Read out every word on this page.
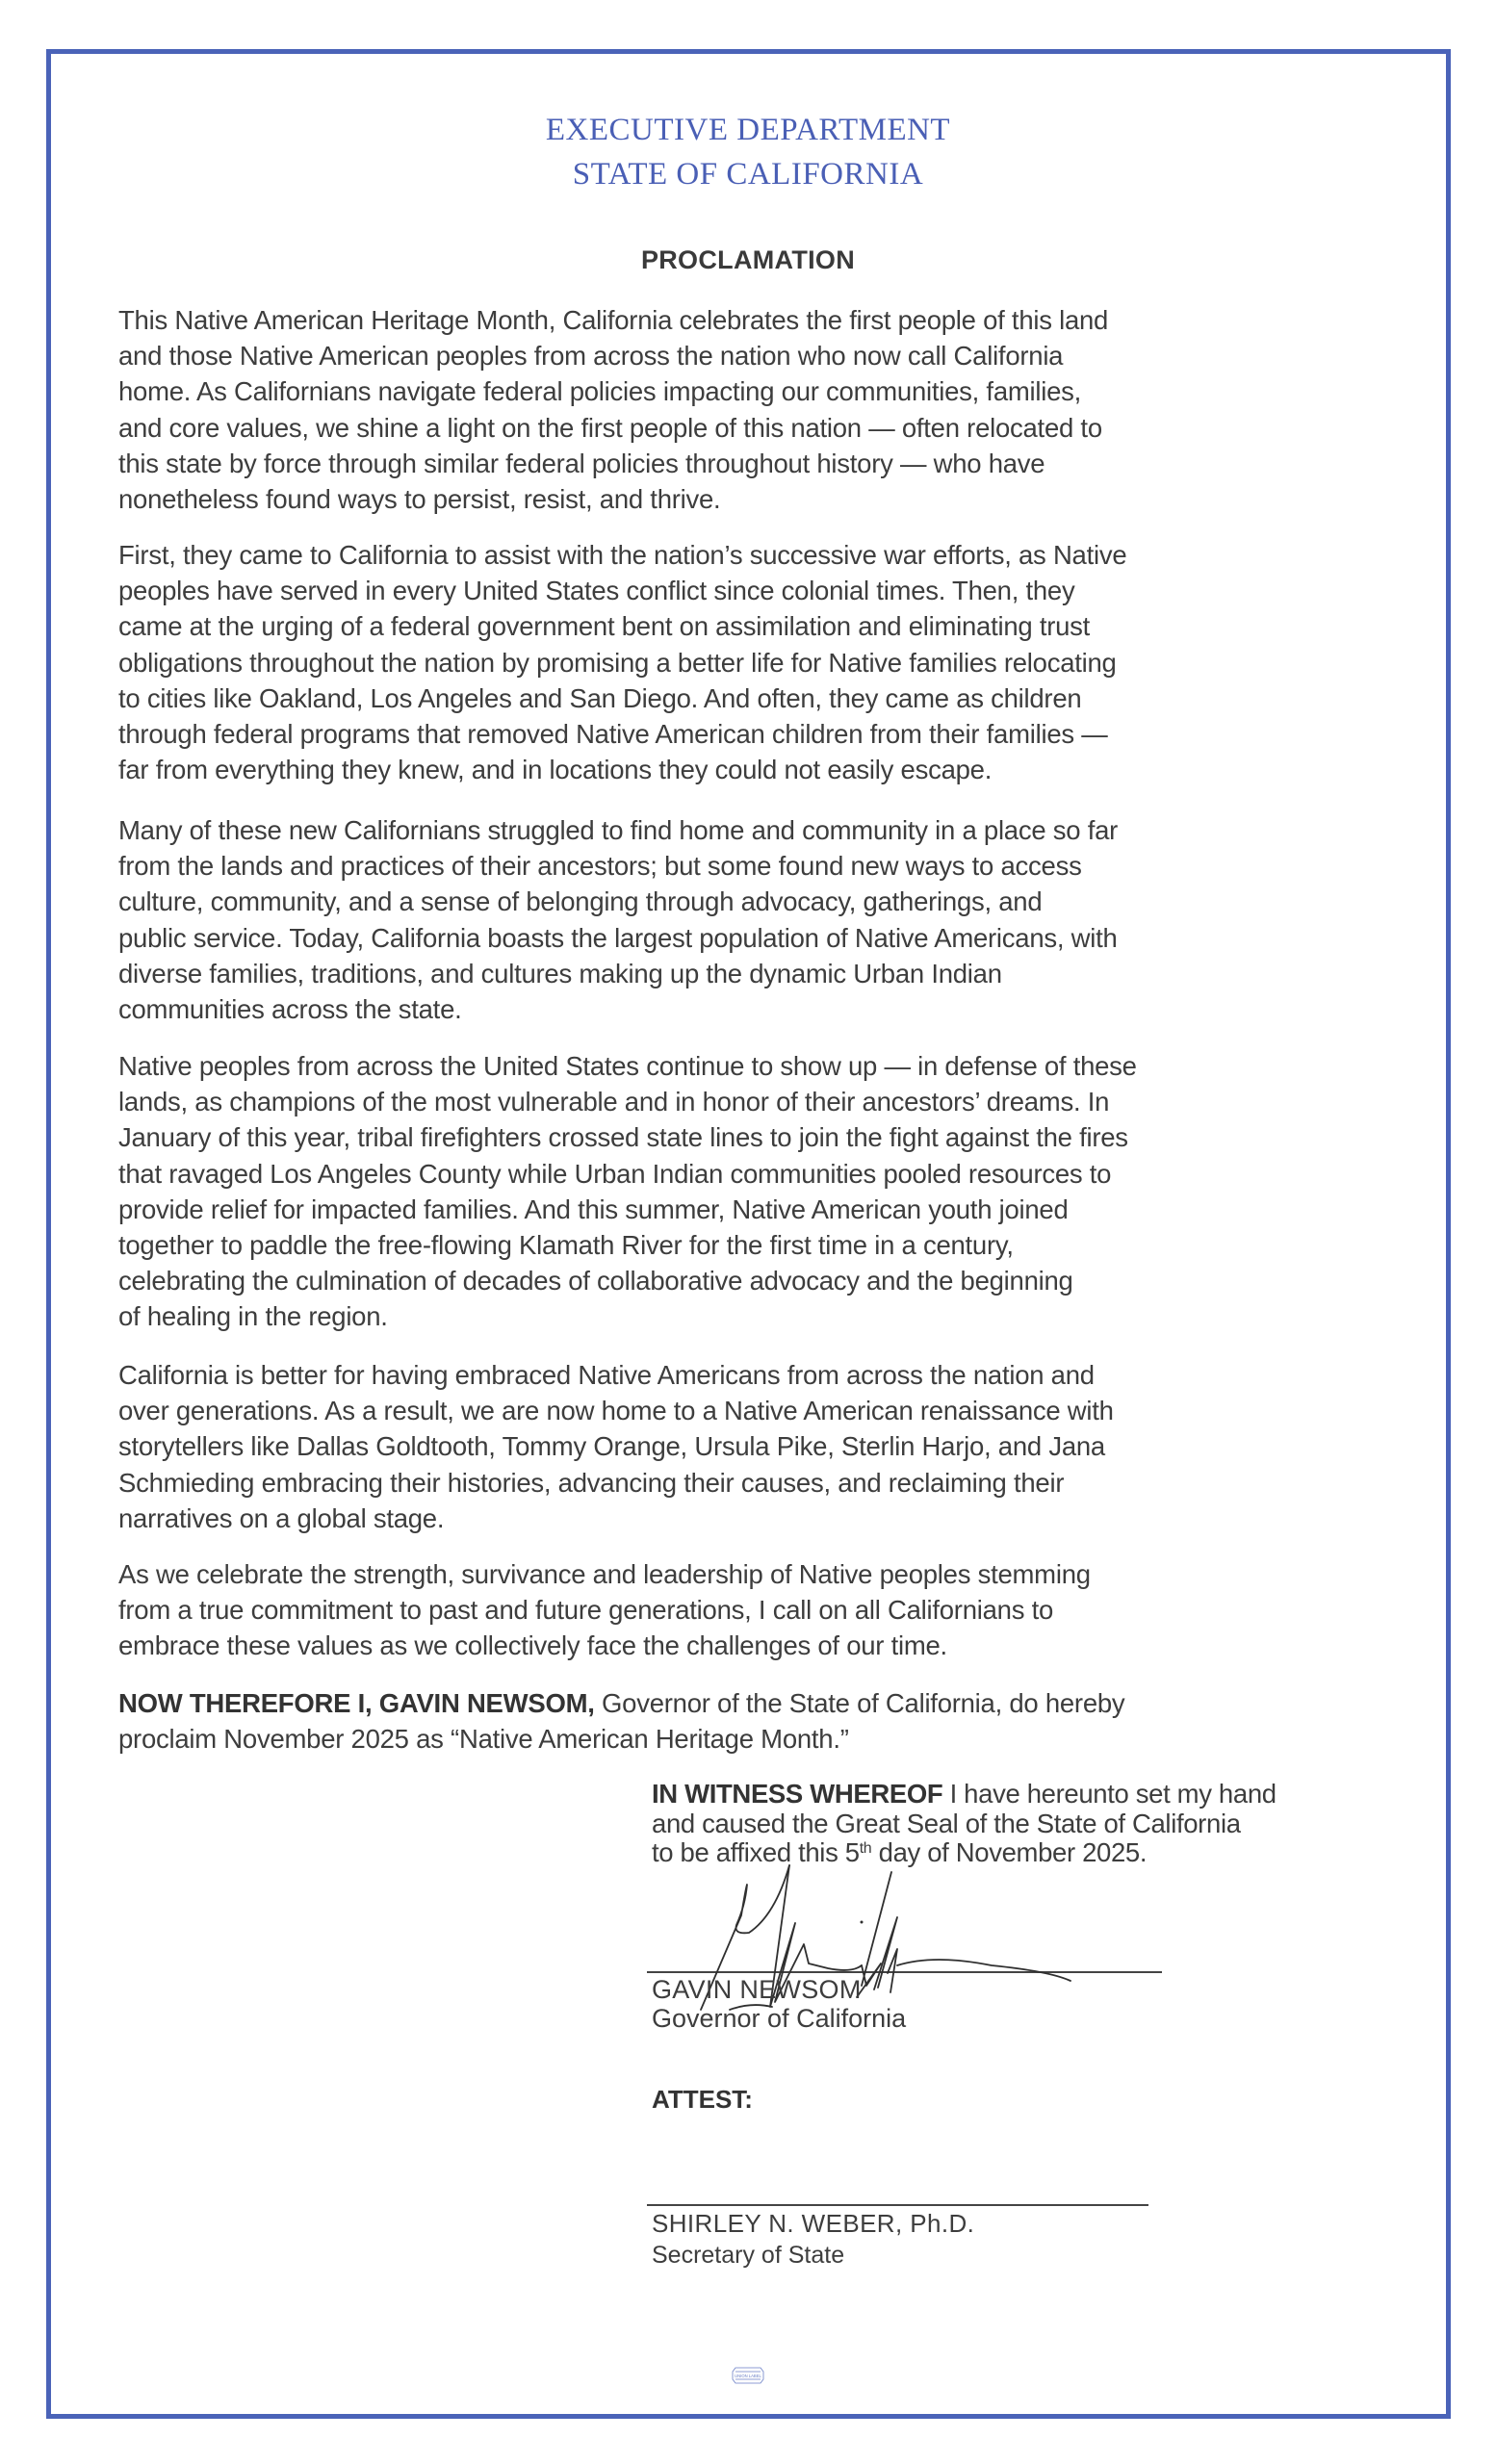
EXECUTIVE DEPARTMENT
STATE OF CALIFORNIA
PROCLAMATION
This Native American Heritage Month, California celebrates the first people of this land
and those Native American peoples from across the nation who now call California
home. As Californians navigate federal policies impacting our communities, families,
and core values, we shine a light on the first people of this nation — often relocated to
this state by force through similar federal policies throughout history — who have
nonetheless found ways to persist, resist, and thrive.
First, they came to California to assist with the nation’s successive war efforts, as Native
peoples have served in every United States conflict since colonial times. Then, they
came at the urging of a federal government bent on assimilation and eliminating trust
obligations throughout the nation by promising a better life for Native families relocating
to cities like Oakland, Los Angeles and San Diego. And often, they came as children
through federal programs that removed Native American children from their families —
far from everything they knew, and in locations they could not easily escape.
Many of these new Californians struggled to find home and community in a place so far
from the lands and practices of their ancestors; but some found new ways to access
culture, community, and a sense of belonging through advocacy, gatherings, and
public service. Today, California boasts the largest population of Native Americans, with
diverse families, traditions, and cultures making up the dynamic Urban Indian
communities across the state.
Native peoples from across the United States continue to show up — in defense of these
lands, as champions of the most vulnerable and in honor of their ancestors’ dreams. In
January of this year, tribal firefighters crossed state lines to join the fight against the fires
that ravaged Los Angeles County while Urban Indian communities pooled resources to
provide relief for impacted families. And this summer, Native American youth joined
together to paddle the free-flowing Klamath River for the first time in a century,
celebrating the culmination of decades of collaborative advocacy and the beginning
of healing in the region.
California is better for having embraced Native Americans from across the nation and
over generations. As a result, we are now home to a Native American renaissance with
storytellers like Dallas Goldtooth, Tommy Orange, Ursula Pike, Sterlin Harjo, and Jana
Schmieding embracing their histories, advancing their causes, and reclaiming their
narratives on a global stage.
As we celebrate the strength, survivance and leadership of Native peoples stemming
from a true commitment to past and future generations, I call on all Californians to
embrace these values as we collectively face the challenges of our time.
NOW THEREFORE I, GAVIN NEWSOM, Governor of the State of California, do hereby
proclaim November 2025 as “Native American Heritage Month.”
IN WITNESS WHEREOF I have hereunto set my hand
and caused the Great Seal of the State of California
to be affixed this 5th day of November 2025.
GAVIN NEWSOM
Governor of California
ATTEST:
SHIRLEY N. WEBER, Ph.D.
Secretary of State
UNION LABEL
